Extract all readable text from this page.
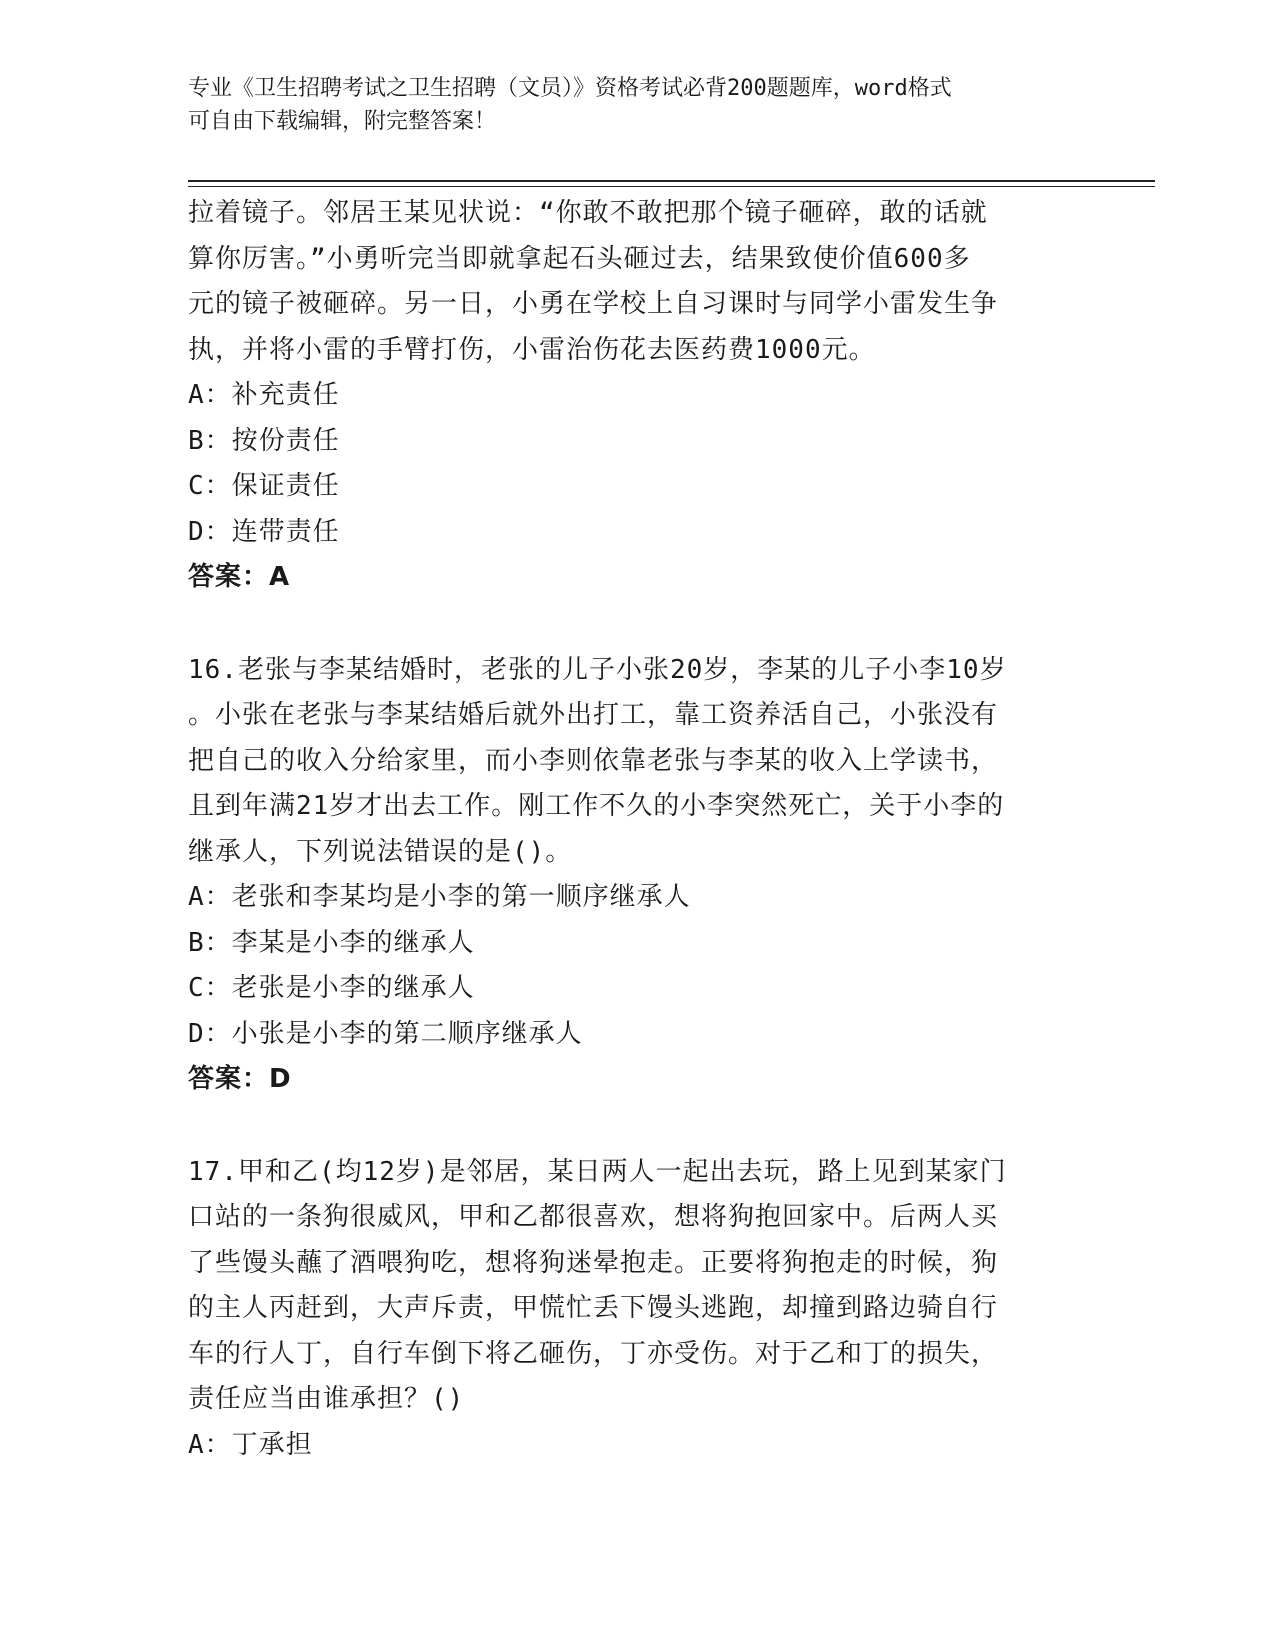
专业《卫生招聘考试之卫生招聘（文员）》资格考试必背200题题库，word格式
可自由下载编辑，附完整答案！

拉着镜子。邻居王某见状说：“你敢不敢把那个镜子砸碎，敢的话就

算你厉害。”小勇听完当即就拿起石头砸过去，结果致使价值600多

元的镜子被砸碎。另一日，小勇在学校上自习课时与同学小雷发生争

执，并将小雷的手臂打伤，小雷治伤花去医药费1000元。

A：补充责任

B：按份责任

C：保证责任

D：连带责任

答案：A

16.老张与李某结婚时，老张的儿子小张20岁，李某的儿子小李10岁

。小张在老张与李某结婚后就外出打工，靠工资养活自己，小张没有

把自己的收入分给家里，而小李则依靠老张与李某的收入上学读书，

且到年满21岁才出去工作。刚工作不久的小李突然死亡，关于小李的

继承人，下列说法错误的是()。

A：老张和李某均是小李的第一顺序继承人

B：李某是小李的继承人

C：老张是小李的继承人

D：小张是小李的第二顺序继承人

答案：D

17.甲和乙(均12岁)是邻居，某日两人一起出去玩，路上见到某家门

口站的一条狗很威风，甲和乙都很喜欢，想将狗抱回家中。后两人买

了些馒头蘸了酒喂狗吃，想将狗迷晕抱走。正要将狗抱走的时候，狗

的主人丙赶到，大声斥责，甲慌忙丢下馒头逃跑，却撞到路边骑自行

车的行人丁，自行车倒下将乙砸伤，丁亦受伤。对于乙和丁的损失，

责任应当由谁承担？()

A：丁承担
